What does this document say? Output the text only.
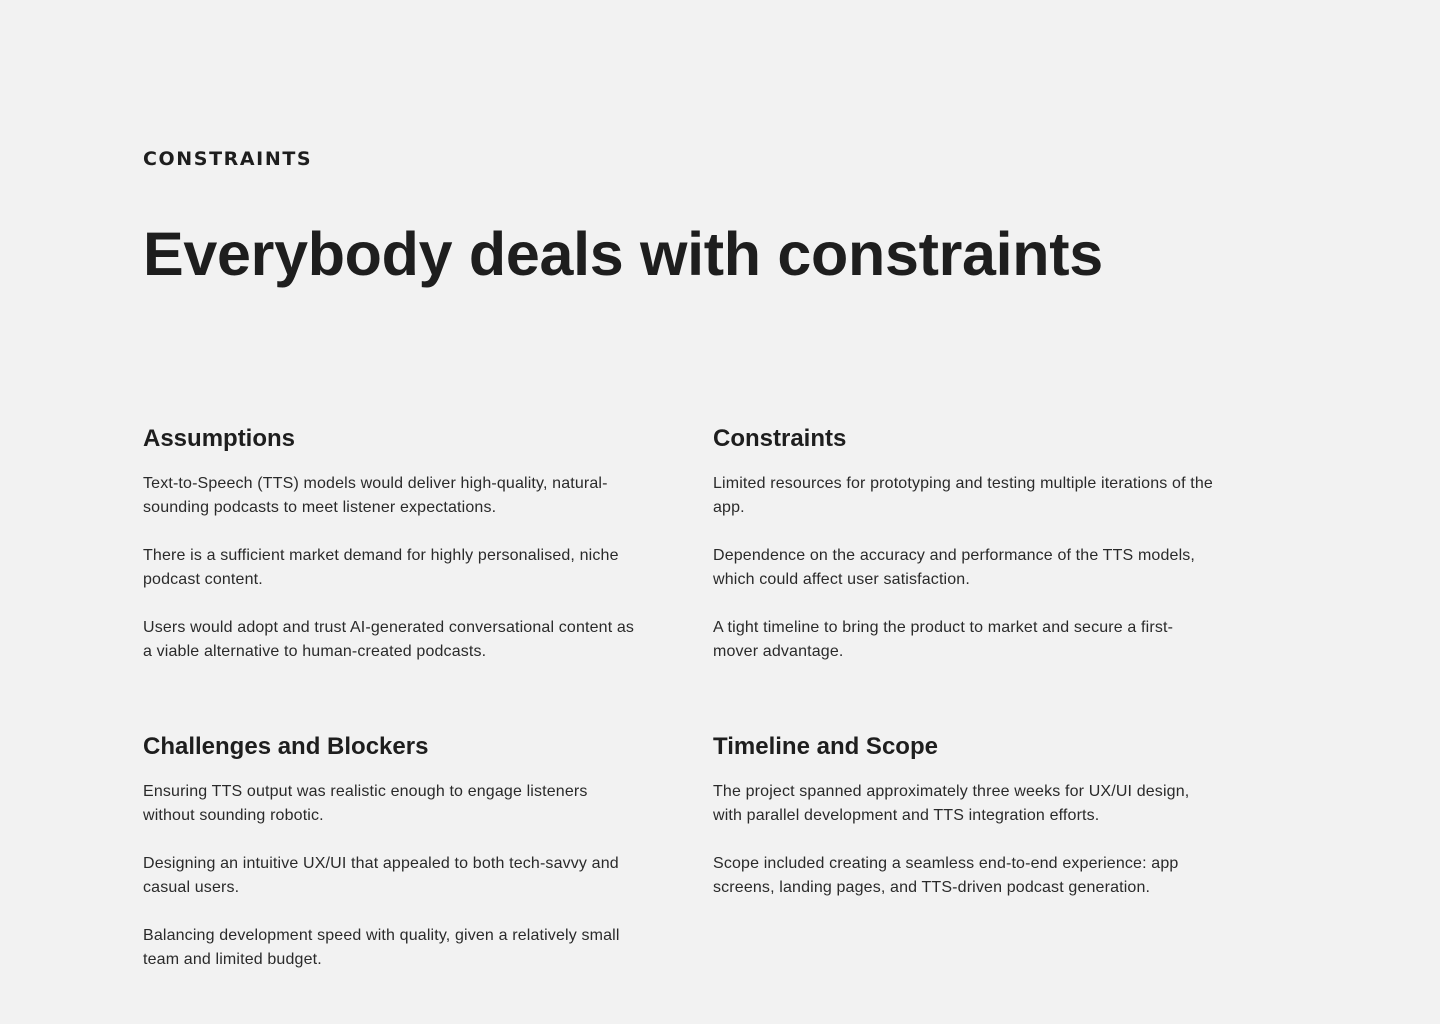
CONSTRAINTS
Everybody deals with constraints
Assumptions

Text-to-Speech (TTS) models would deliver high-quality, natural-sounding podcasts to meet listener expectations.

There is a sufficient market demand for highly personalised, niche podcast content.

Users would adopt and trust AI-generated conversational content as a viable alternative to human-created podcasts.

Constraints

Limited resources for prototyping and testing multiple iterations of the app.

Dependence on the accuracy and performance of the TTS models, which could affect user satisfaction.

A tight timeline to bring the product to market and secure a first-mover advantage.

Challenges and Blockers

Ensuring TTS output was realistic enough to engage listeners without sounding robotic.

Designing an intuitive UX/UI that appealed to both tech-savvy and casual users.

Balancing development speed with quality, given a relatively small team and limited budget.

Timeline and Scope

The project spanned approximately three weeks for UX/UI design, with parallel development and TTS integration efforts.

Scope included creating a seamless end-to-end experience: app screens, landing pages, and TTS-driven podcast generation.
